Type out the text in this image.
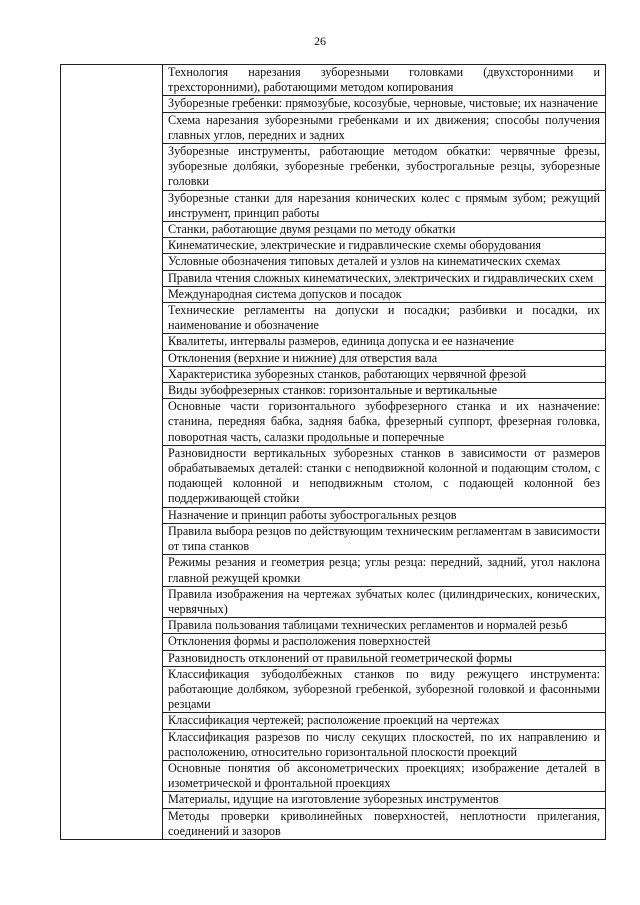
26
	Технология нарезания зуборезными головками (двухсторонними и трехсторонними), работающими методом копирования
Зуборезные гребенки: прямозубые, косозубые, черновые, чистовые; их назначение
Схема нарезания зуборезными гребенками и их движения; способы получения главных углов, передних и задних
Зуборезные инструменты, работающие методом обкатки: червячные фрезы, зуборезные долбяки, зуборезные гребенки, зубострогальные резцы, зуборезные головки
Зуборезные станки для нарезания конических колес с прямым зубом; режущий инструмент, принцип работы
Станки, работающие двумя резцами по методу обкатки
Кинематические, электрические и гидравлические схемы оборудования
Условные обозначения типовых деталей и узлов на кинематических схемах
Правила чтения сложных кинематических, электрических и гидравлических схем
Международная система допусков и посадок
Технические регламенты на допуски и посадки; разбивки и посадки, их наименование и обозначение
Квалитеты, интервалы размеров, единица допуска и ее назначение
Отклонения (верхние и нижние) для отверстия вала
Характеристика зуборезных станков, работающих червячной фрезой
Виды зубофрезерных станков: горизонтальные и вертикальные
Основные части горизонтального зубофрезерного станка и их назначение: станина, передняя бабка, задняя бабка, фрезерный суппорт, фрезерная головка, поворотная часть, салазки продольные и поперечные
Разновидности вертикальных зуборезных станков в зависимости от размеров обрабатываемых деталей: станки с неподвижной колонной и подающим столом, с подающей колонной и неподвижным столом, с подающей колонной без поддерживающей стойки
Назначение и принцип работы зубострогальных резцов
Правила выбора резцов по действующим техническим регламентам в зависимости от типа станков
Режимы резания и геометрия резца; углы резца: передний, задний, угол наклона главной режущей кромки
Правила изображения на чертежах зубчатых колес (цилиндрических, конических, червячных)
Правила пользования таблицами технических регламентов и нормалей резьб
Отклонения формы и расположения поверхностей
Разновидность отклонений от правильной геометрической формы
Классификация зубодолбежных станков по виду режущего инструмента: работающие долбяком, зуборезной гребенкой, зуборезной головкой и фасонными резцами
Классификация чертежей; расположение проекций на чертежах
Классификация разрезов по числу секущих плоскостей, по их направлению и расположению, относительно горизонтальной плоскости проекций
Основные понятия об аксонометрических проекциях; изображение деталей в изометрической и фронтальной проекциях
Материалы, идущие на изготовление зуборезных инструментов
Методы проверки криволинейных поверхностей, неплотности прилегания, соединений и зазоров
